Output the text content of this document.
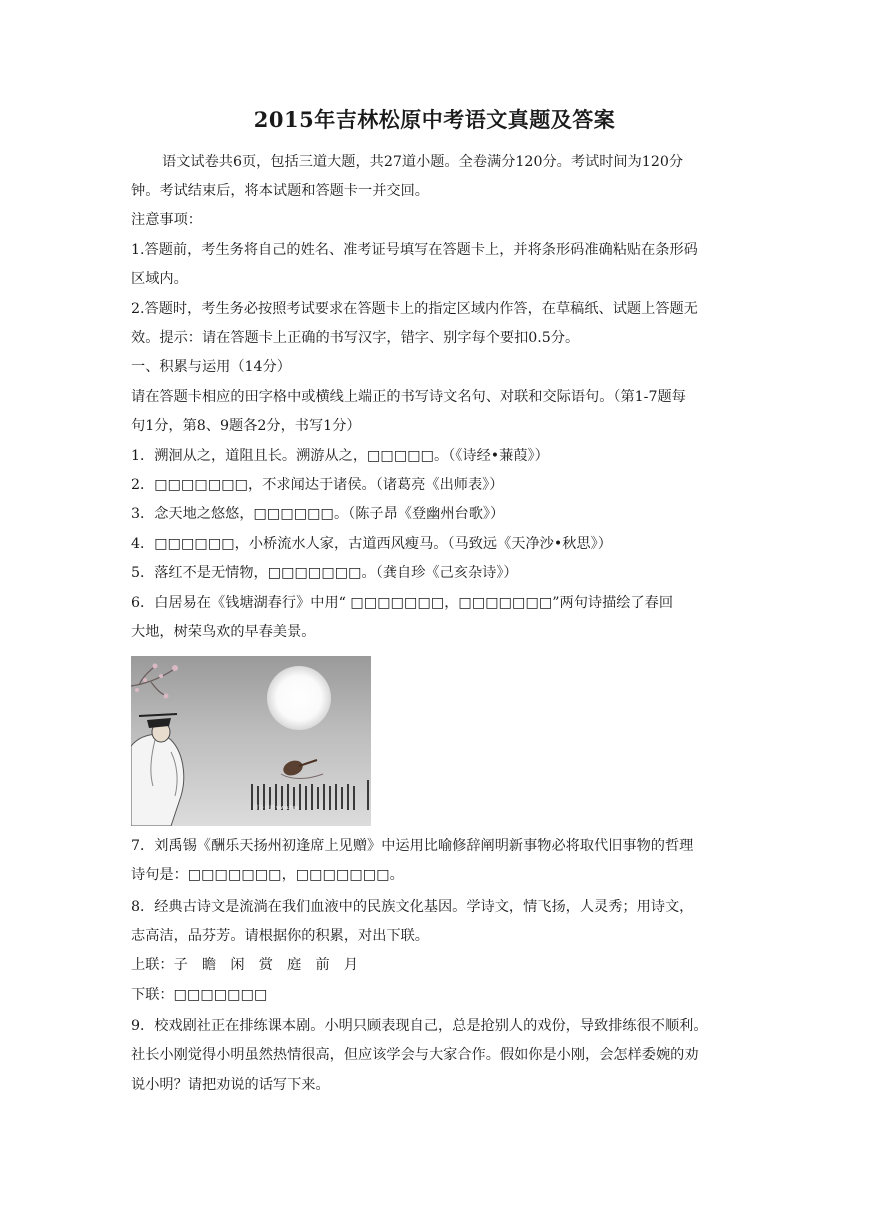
2015年吉林松原中考语文真题及答案
语文试卷共6页，包括三道大题，共27道小题。全卷满分120分。考试时间为120分
钟。考试结束后，将本试题和答题卡一并交回。
注意事项：
1.答题前，考生务将自己的姓名、准考证号填写在答题卡上，并将条形码准确粘贴在条形码
区域内。
2.答题时，考生务必按照考试要求在答题卡上的指定区域内作答，在草稿纸、试题上答题无
效。提示：请在答题卡上正确的书写汉字，错字、别字每个要扣0.5分。
一、积累与运用（14分）
请在答题卡相应的田字格中或横线上端正的书写诗文名句、对联和交际语句。（第1-7题每
句1分，第8、9题各2分，书写1分）
1．溯洄从之，道阻且长。溯游从之，□□□□□。（《诗经•蒹葭》）
2．□□□□□□□，不求闻达于诸侯。（诸葛亮《出师表》）
3．念天地之悠悠，□□□□□□。（陈子昂《登幽州台歌》）
4．□□□□□□，小桥流水人家，古道西风瘦马。（马致远《天净沙•秋思》）
5．落红不是无情物，□□□□□□□。（龚自珍《己亥杂诗》）
6．白居易在《钱塘湖春行》中用“ □□□□□□□，□□□□□□□”两句诗描绘了春回
大地，树荣鸟欢的早春美景。
同文·诗词 www.hao
7．刘禹锡《酬乐天扬州初逢席上见赠》中运用比喻修辞阐明新事物必将取代旧事物的哲理
诗句是：□□□□□□□，□□□□□□□。
8．经典古诗文是流淌在我们血液中的民族文化基因。学诗文，情飞扬，人灵秀；用诗文，
志高洁，品芬芳。请根据你的积累，对出下联。
上联：子　瞻　闲　赏　庭　前　月
下联：□□□□□□□
9．校戏剧社正在排练课本剧。小明只顾表现自己，总是抢别人的戏份，导致排练很不顺利。
社长小刚觉得小明虽然热情很高，但应该学会与大家合作。假如你是小刚，会怎样委婉的劝
说小明？请把劝说的话写下来。
